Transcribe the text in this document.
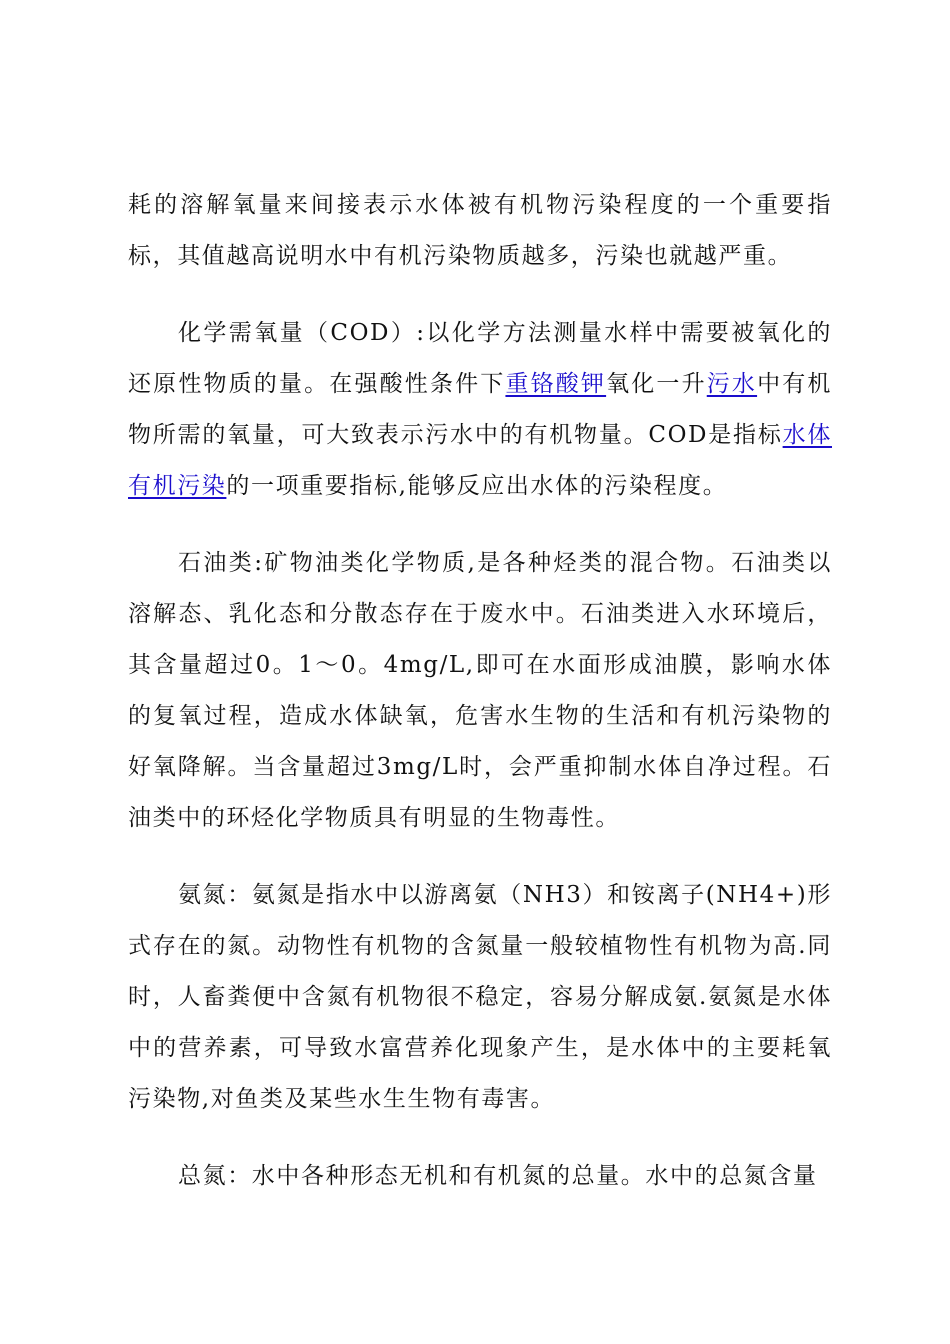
耗的溶解氧量来间接表示水体被有机物污染程度的一个重要指标，其值越高说明水中有机污染物质越多，污染也就越严重。

化学需氧量（COD）:以化学方法测量水样中需要被氧化的还原性物质的量。在强酸性条件下重铬酸钾氧化一升污水中有机物所需的氧量，可大致表示污水中的有机物量。COD是指标水体有机污染的一项重要指标,能够反应出水体的污染程度。

石油类:矿物油类化学物质,是各种烃类的混合物。石油类以溶解态、乳化态和分散态存在于废水中。石油类进入水环境后，其含量超过0。1～0。4mg/L,即可在水面形成油膜，影响水体的复氧过程，造成水体缺氧，危害水生物的生活和有机污染物的好氧降解。当含量超过3mg/L时，会严重抑制水体自净过程。石油类中的环烃化学物质具有明显的生物毒性。

氨氮：氨氮是指水中以游离氨（NH3）和铵离子(NH4+)形式存在的氮。动物性有机物的含氮量一般较植物性有机物为高.同时，人畜粪便中含氮有机物很不稳定，容易分解成氨.氨氮是水体中的营养素，可导致水富营养化现象产生，是水体中的主要耗氧污染物,对鱼类及某些水生生物有毒害。

总氮：水中各种形态无机和有机氮的总量。水中的总氮含量
